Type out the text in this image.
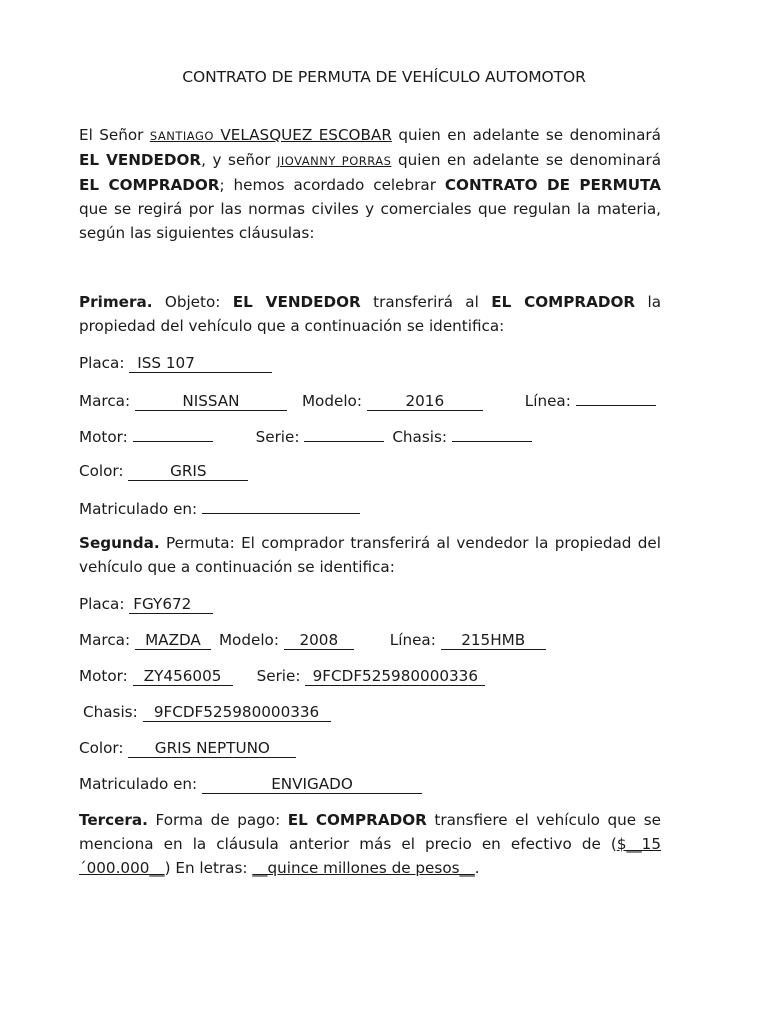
CONTRATO DE PERMUTA DE VEHÍCULO AUTOMOTOR

El Señor SANTIAGO VELASQUEZ ESCOBAR quien en adelante se denominará EL VENDEDOR, y señor JIOVANNY PORRAS quien en adelante se denominará EL COMPRADOR; hemos acordado celebrar CONTRATO DE PERMUTA que se regirá por las normas civiles y comerciales que regulan la materia, según las siguientes cláusulas:

Primera. Objeto: EL VENDEDOR transferirá al EL COMPRADOR la propiedad del vehículo que a continuación se identifica:

Placa: ISS 107
Marca:	NISSAN	Modelo:	2016	Línea:
Motor:	Serie:	Chasis:
Color:	GRIS
Matriculado en:

Segunda. Permuta: El comprador transferirá al vendedor la propiedad del vehículo que a continuación se identifica:

Placa: FGY672
Marca: MAZDA Modelo: 2008	Línea: 215HMB
Motor: ZY456005 Serie: 9FCDF525980000336
Chasis: 9FCDF525980000336
Color: GRIS NEPTUNO
Matriculado en:	ENVIGADO

Tercera. Forma de pago: EL COMPRADOR transfiere el vehículo que se menciona en la cláusula anterior más el precio en efectivo de ($__15 ´000.000__) En letras: __quince millones de pesos__.
